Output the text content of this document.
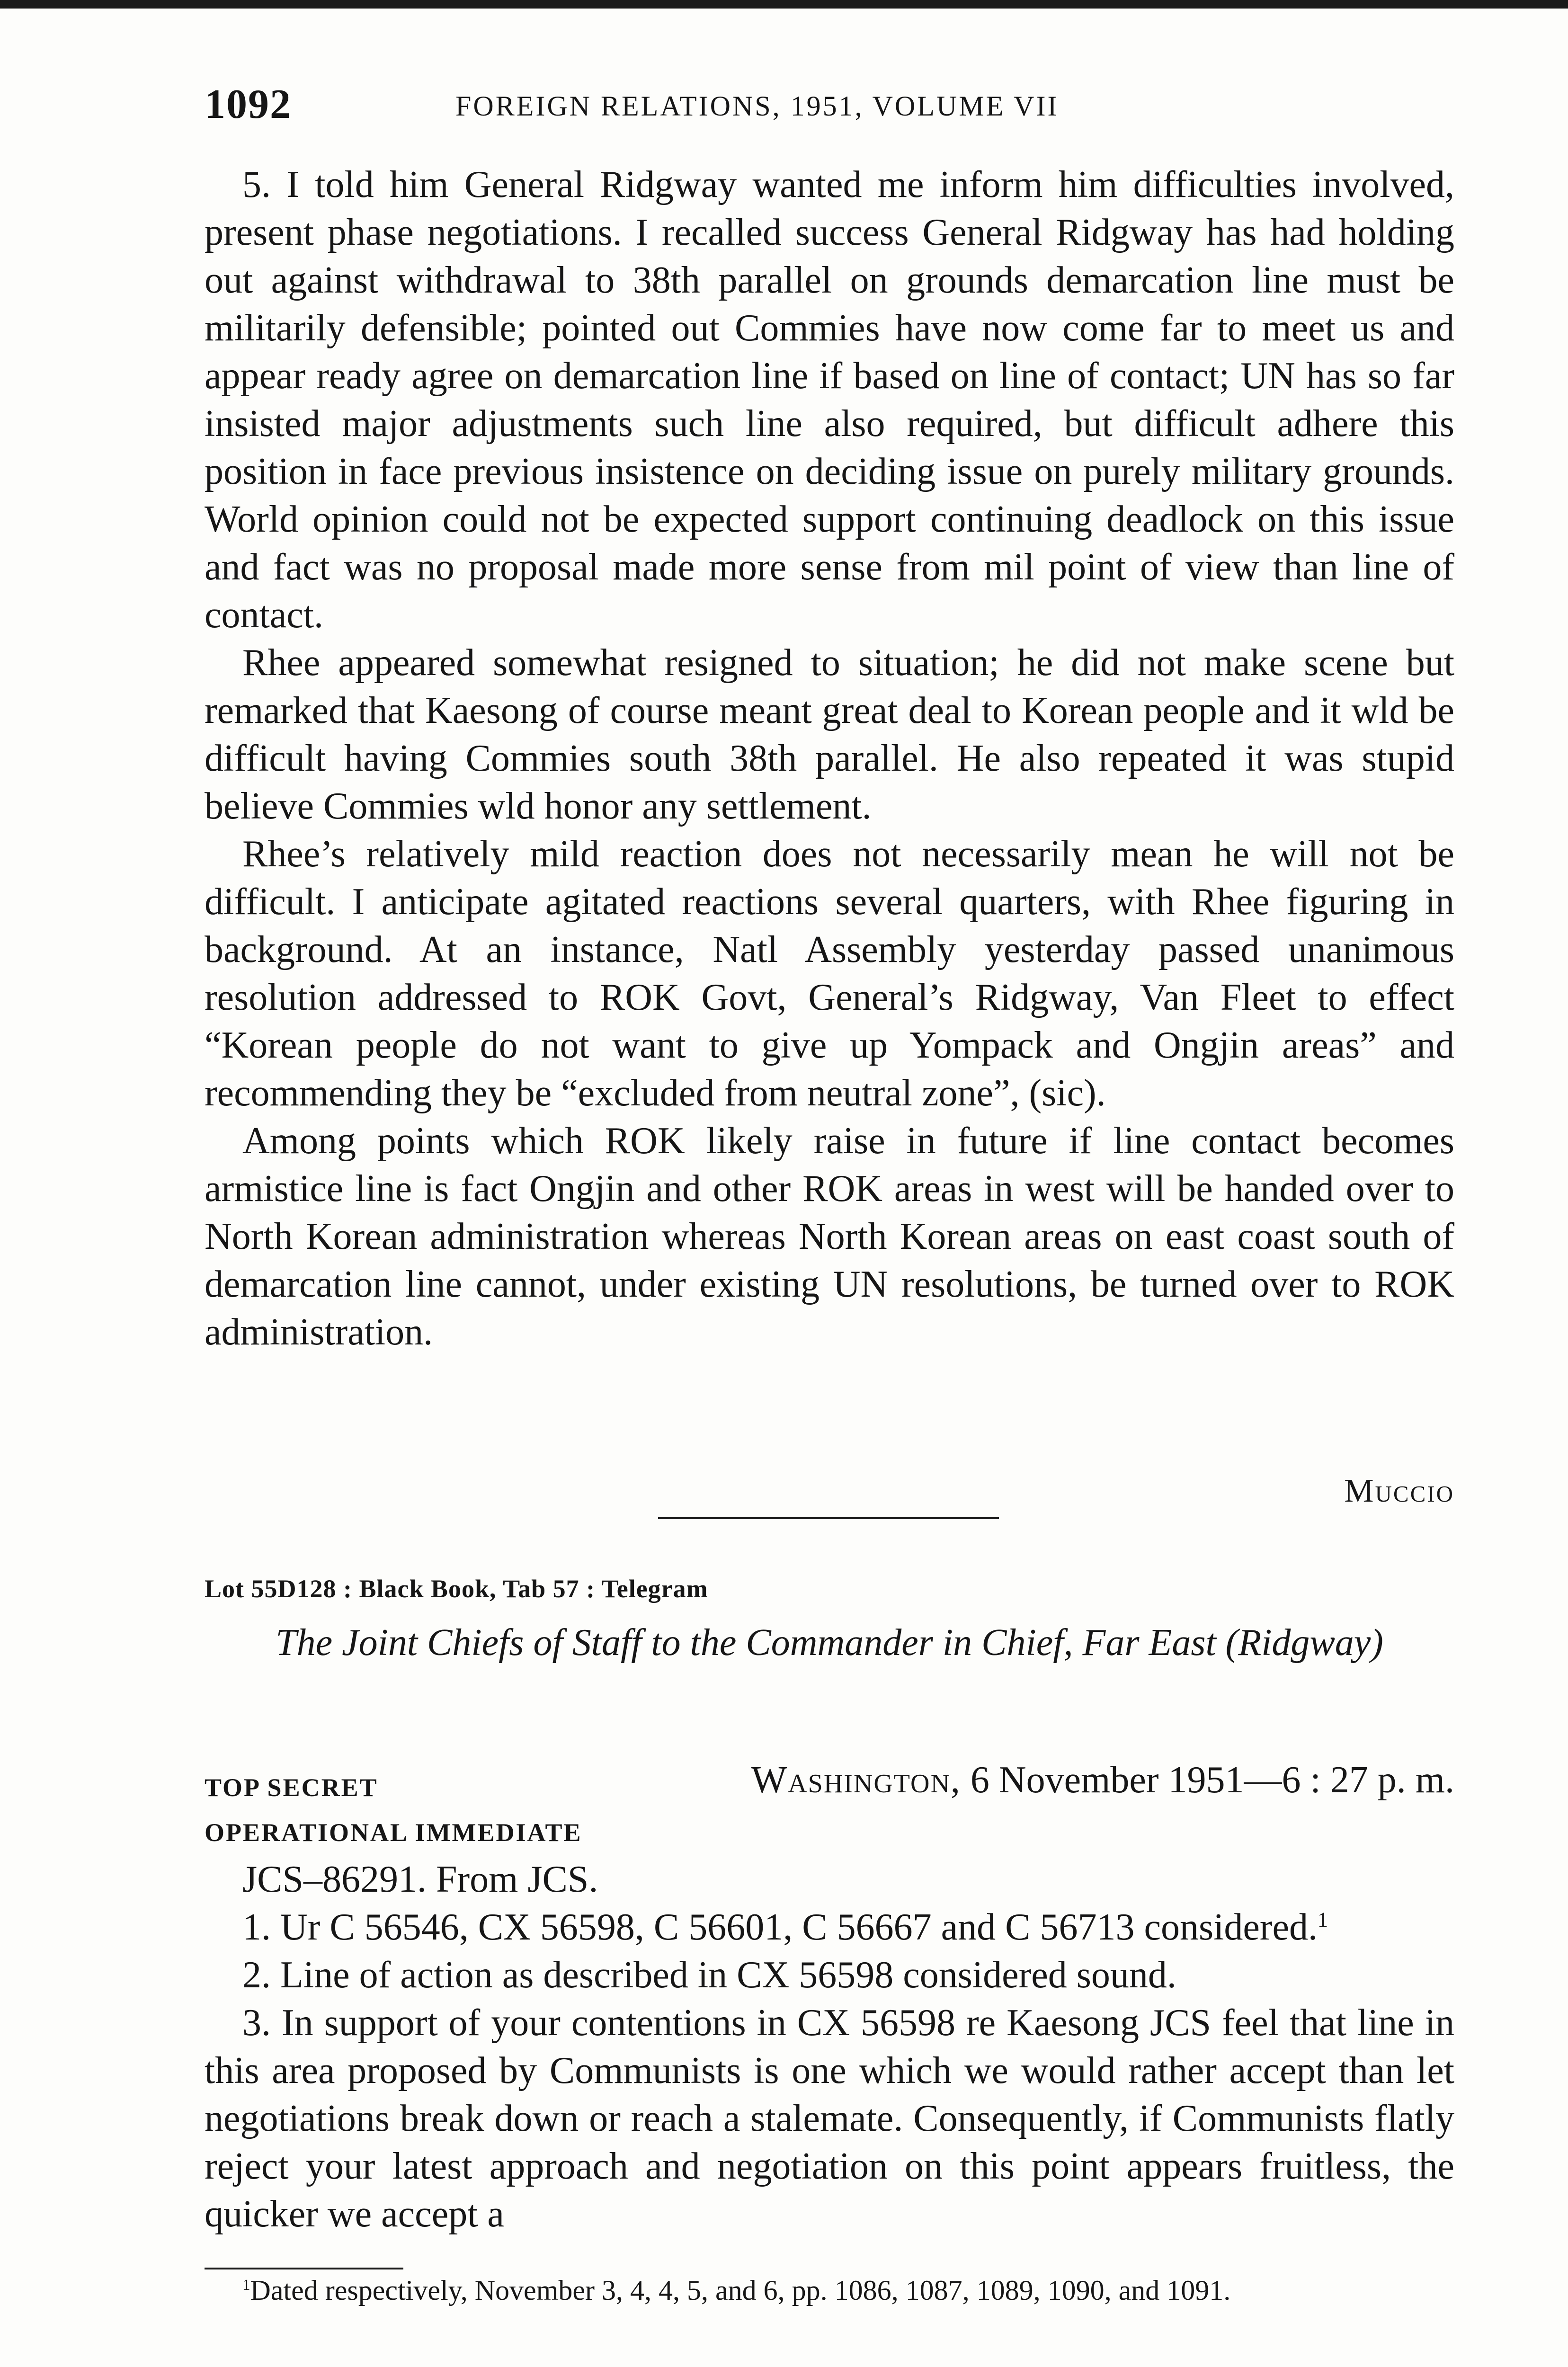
1092	FOREIGN RELATIONS, 1951, VOLUME VII

5. I told him General Ridgway wanted me inform him difficulties involved, present phase negotiations. I recalled success General Ridgway has had holding out against withdrawal to 38th parallel on grounds demarcation line must be militarily defensible; pointed out Commies have now come far to meet us and appear ready agree on demarcation line if based on line of contact; UN has so far insisted major adjustments such line also required, but difficult adhere this position in face previous insistence on deciding issue on purely military grounds. World opinion could not be expected support continuing deadlock on this issue and fact was no proposal made more sense from mil point of view than line of contact.

Rhee appeared somewhat resigned to situation; he did not make scene but remarked that Kaesong of course meant great deal to Korean people and it wld be difficult having Commies south 38th parallel. He also repeated it was stupid believe Commies wld honor any settlement.

Rhee’s relatively mild reaction does not necessarily mean he will not be difficult. I anticipate agitated reactions several quarters, with Rhee figuring in background. At an instance, Natl Assembly yesterday passed unanimous resolution addressed to ROK Govt, General’s Ridgway, Van Fleet to effect “Korean people do not want to give up Yompack and Ongjin areas” and recommending they be “excluded from neutral zone”, (sic).

Among points which ROK likely raise in future if line contact becomes armistice line is fact Ongjin and other ROK areas in west will be handed over to North Korean administration whereas North Korean areas on east coast south of demarcation line cannot, under existing UN resolutions, be turned over to ROK administration.

Muccio
Lot 55D128 : Black Book, Tab 57 : Telegram
The Joint Chiefs of Staff to the Commander in Chief, Far East (Ridgway)
TOP SECRET
OPERATIONAL IMMEDIATE
Washington, 6 November 1951—6 : 27 p. m.

JCS–86291. From JCS.

1. Ur C 56546, CX 56598, C 56601, C 56667 and C 56713 considered.$^1$

2. Line of action as described in CX 56598 considered sound.

3. In support of your contentions in CX 56598 re Kaesong JCS feel that line in this area proposed by Communists is one which we would rather accept than let negotiations break down or reach a stalemate. Consequently, if Communists flatly reject your latest approach and negotiation on this point appears fruitless, the quicker we accept a

$^1$Dated respectively, November 3, 4, 4, 5, and 6, pp. 1086, 1087, 1089, 1090, and 1091.
